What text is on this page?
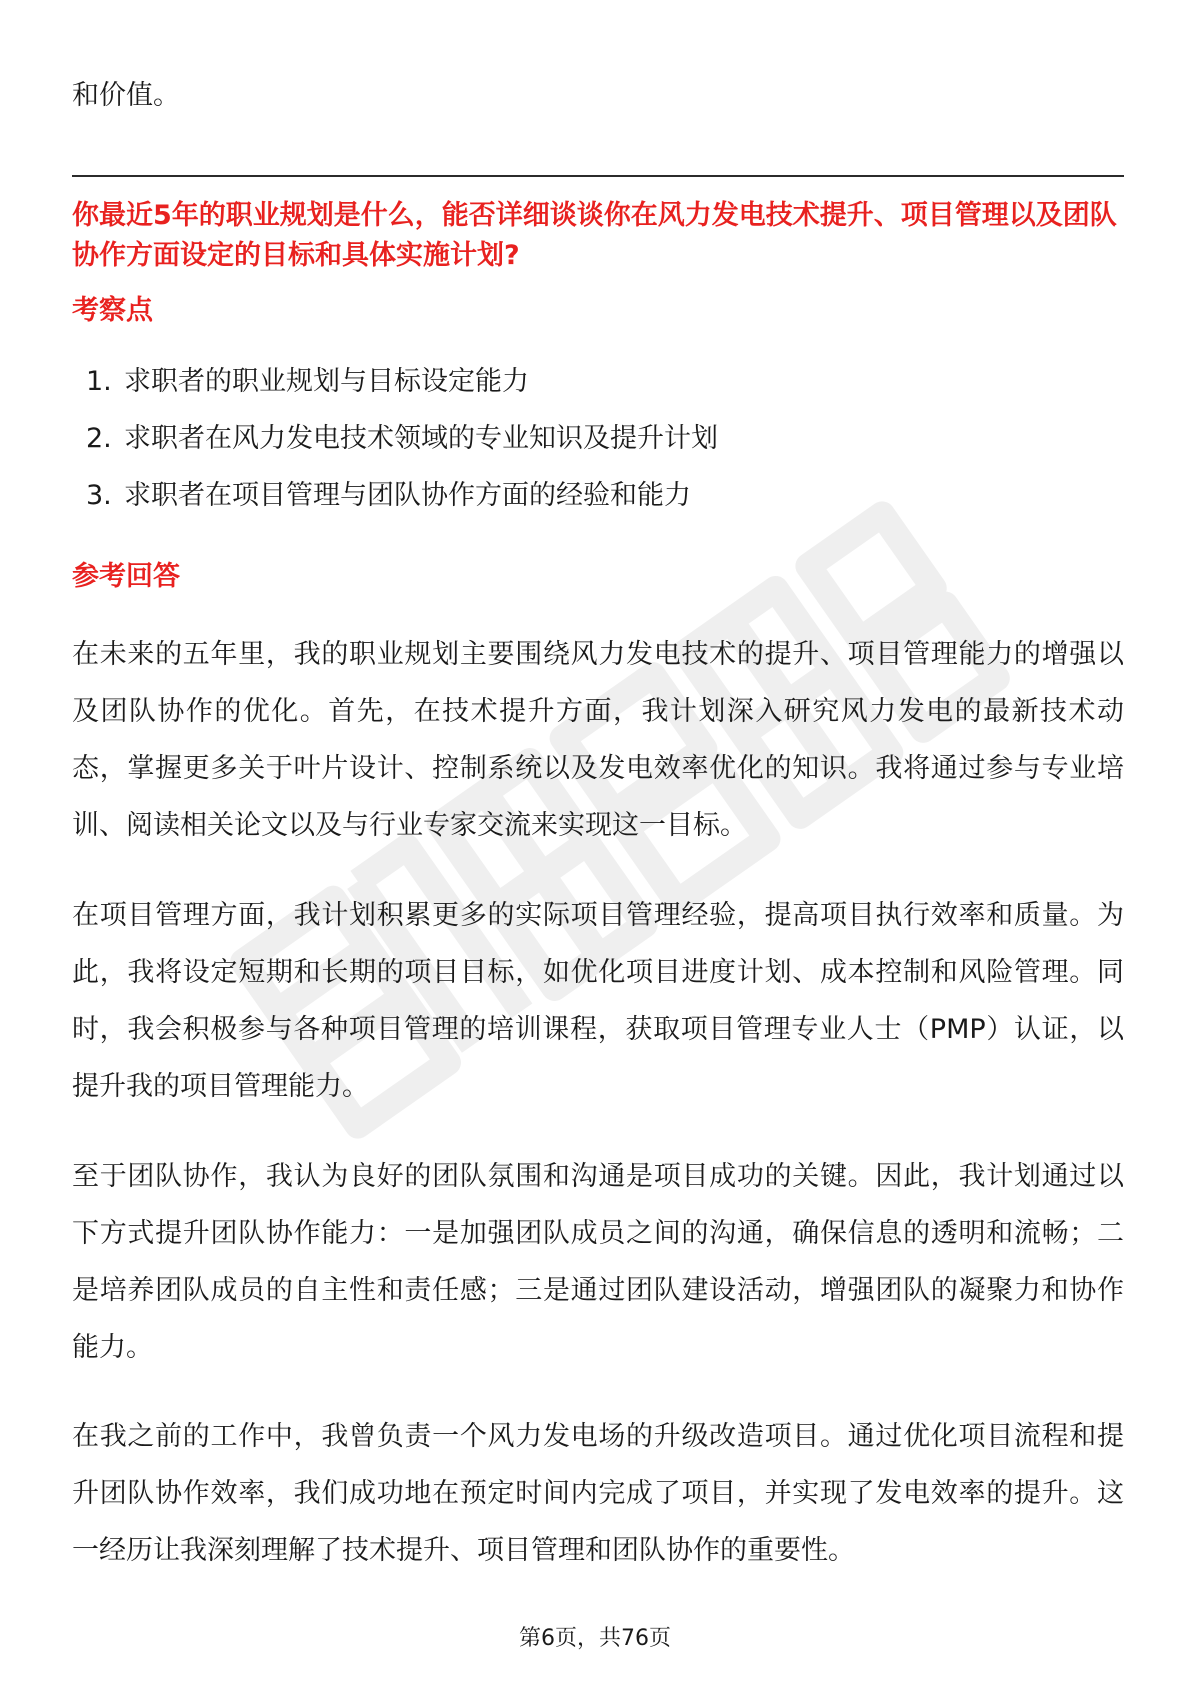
和价值。

你最近5年的职业规划是什么，能否详细谈谈你在风力发电技术提升、项目管理以及团队协作方面设定的目标和具体实施计划?

考察点

1. 求职者的职业规划与目标设定能力
2. 求职者在风力发电技术领域的专业知识及提升计划
3. 求职者在项目管理与团队协作方面的经验和能力

参考回答

在未来的五年里，我的职业规划主要围绕风力发电技术的提升、项目管理能力的增强以及团队协作的优化。首先，在技术提升方面，我计划深入研究风力发电的最新技术动态，掌握更多关于叶片设计、控制系统以及发电效率优化的知识。我将通过参与专业培训、阅读相关论文以及与行业专家交流来实现这一目标。

在项目管理方面，我计划积累更多的实际项目管理经验，提高项目执行效率和质量。为此，我将设定短期和长期的项目目标，如优化项目进度计划、成本控制和风险管理。同时，我会积极参与各种项目管理的培训课程，获取项目管理专业人士（PMP）认证，以提升我的项目管理能力。

至于团队协作，我认为良好的团队氛围和沟通是项目成功的关键。因此，我计划通过以下方式提升团队协作能力：一是加强团队成员之间的沟通，确保信息的透明和流畅；二是培养团队成员的自主性和责任感；三是通过团队建设活动，增强团队的凝聚力和协作能力。

在我之前的工作中，我曾负责一个风力发电场的升级改造项目。通过优化项目流程和提升团队协作效率，我们成功地在预定时间内完成了项目，并实现了发电效率的提升。这一经历让我深刻理解了技术提升、项目管理和团队协作的重要性。

第6页，共76页
